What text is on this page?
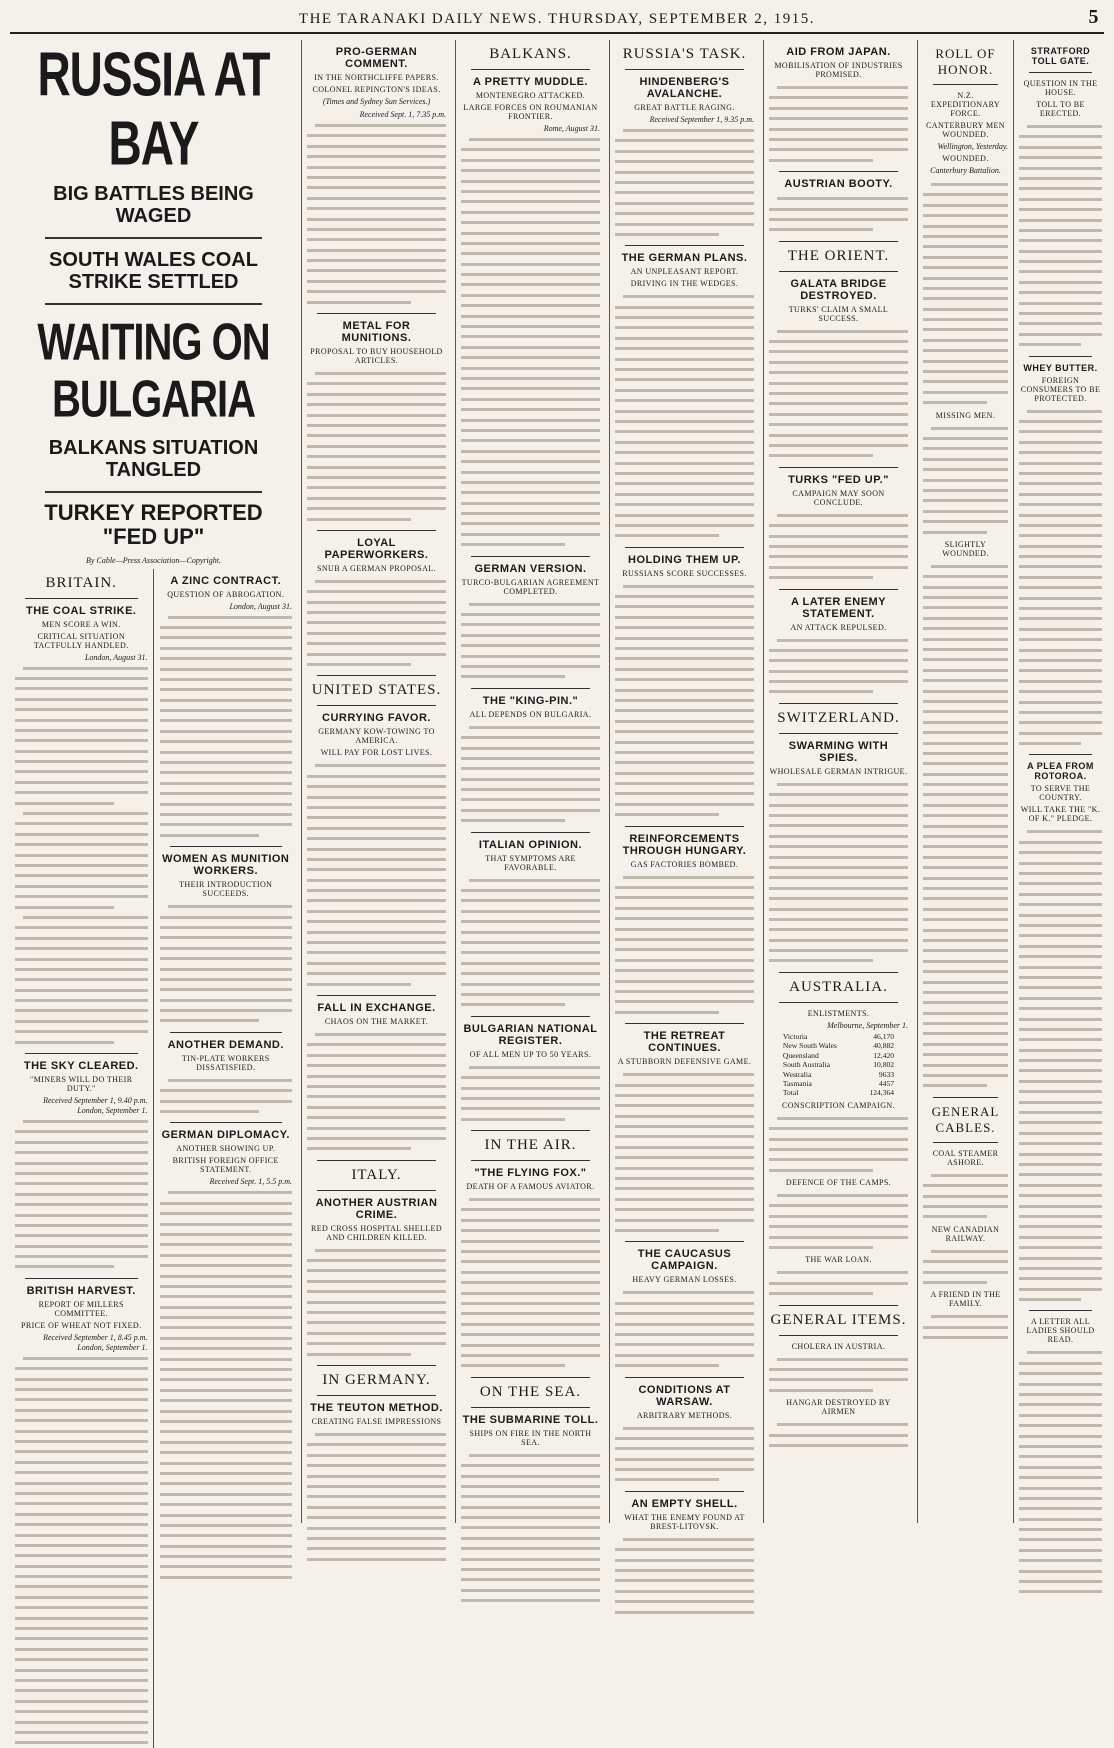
THE TARANAKI DAILY NEWS. THURSDAY, SEPTEMBER 2, 1915.	5
RUSSIA AT BAY
BIG BATTLES BEING WAGED
SOUTH WALES COAL STRIKE SETTLED
WAITING ON BULGARIA
BALKANS SITUATION TANGLED
TURKEY REPORTED "FED UP"
By Cable—Press Association—Copyright.
BRITAIN.
THE COAL STRIKE.
MEN SCORE A WIN.
CRITICAL SITUATION TACTFULLY HANDLED.
London, August 31.
THE SKY CLEARED.
"MINERS WILL DO THEIR DUTY."
Received September 1, 9.40 p.m.
London, September 1.
BRITISH HARVEST.
REPORT OF MILLERS COMMITTEE.
PRICE OF WHEAT NOT FIXED.
Received September 1, 8.45 p.m.
London, September 1.
A ZINC CONTRACT.
QUESTION OF ABROGATION.
London, August 31.
WOMEN AS MUNITION WORKERS.
THEIR INTRODUCTION SUCCEEDS.
ANOTHER DEMAND.
TIN-PLATE WORKERS DISSATISFIED.
GERMAN DIPLOMACY.
ANOTHER SHOWING UP.
BRITISH FOREIGN OFFICE STATEMENT.
Received Sept. 1, 5.5 p.m.
PRO-GERMAN COMMENT.
IN THE NORTHCLIFFE PAPERS.
COLONEL REPINGTON'S IDEAS.
(Times and Sydney Sun Services.)
Received Sept. 1, 7.35 p.m.
METAL FOR MUNITIONS.
PROPOSAL TO BUY HOUSEHOLD ARTICLES.
LOYAL PAPERWORKERS.
SNUB A GERMAN PROPOSAL.
UNITED STATES.
CURRYING FAVOR.
GERMANY KOW-TOWING TO AMERICA.
WILL PAY FOR LOST LIVES.
FALL IN EXCHANGE.
CHAOS ON THE MARKET.
ITALY.
ANOTHER AUSTRIAN CRIME.
RED CROSS HOSPITAL SHELLED AND CHILDREN KILLED.
IN GERMANY.
THE TEUTON METHOD.
CREATING FALSE IMPRESSIONS
BALKANS.
A PRETTY MUDDLE.
MONTENEGRO ATTACKED.
LARGE FORCES ON ROUMANIAN FRONTIER.
Rome, August 31.
GERMAN VERSION.
TURCO-BULGARIAN AGREEMENT COMPLETED.
THE "KING-PIN."
ALL DEPENDS ON BULGARIA.
ITALIAN OPINION.
THAT SYMPTOMS ARE FAVORABLE.
BULGARIAN NATIONAL REGISTER.
OF ALL MEN UP TO 50 YEARS.
IN THE AIR.
"THE FLYING FOX."
DEATH OF A FAMOUS AVIATOR.
ON THE SEA.
THE SUBMARINE TOLL.
SHIPS ON FIRE IN THE NORTH SEA.
RUSSIA'S TASK.
HINDENBERG'S AVALANCHE.
GREAT BATTLE RAGING.
Received September 1, 9.35 p.m.
THE GERMAN PLANS.
AN UNPLEASANT REPORT.
DRIVING IN THE WEDGES.
HOLDING THEM UP.
RUSSIANS SCORE SUCCESSES.
REINFORCEMENTS THROUGH HUNGARY.
GAS FACTORIES BOMBED.
THE RETREAT CONTINUES.
A STUBBORN DEFENSIVE GAME.
THE CAUCASUS CAMPAIGN.
HEAVY GERMAN LOSSES.
CONDITIONS AT WARSAW.
ARBITRARY METHODS.
AN EMPTY SHELL.
WHAT THE ENEMY FOUND AT BREST-LITOVSK.
AID FROM JAPAN.
MOBILISATION OF INDUSTRIES PROMISED.
AUSTRIAN BOOTY.
THE ORIENT.
GALATA BRIDGE DESTROYED.
TURKS' CLAIM A SMALL SUCCESS.
TURKS "FED UP."
CAMPAIGN MAY SOON CONCLUDE.
A LATER ENEMY STATEMENT.
AN ATTACK REPULSED.
SWITZERLAND.
SWARMING WITH SPIES.
WHOLESALE GERMAN INTRIGUE.
AUSTRALIA.
ENLISTMENTS.
Melbourne, September 1.
Victoria	46,170
New South Wales	40,882
Queensland	12,420
South Australia	10,802
Westralia	9633
Tasmania	4457
Total	124,364
CONSCRIPTION CAMPAIGN.
DEFENCE OF THE CAMPS.
THE WAR LOAN.
GENERAL ITEMS.
CHOLERA IN AUSTRIA.
HANGAR DESTROYED BY AIRMEN
ROLL OF HONOR.
N.Z. EXPEDITIONARY FORCE.
CANTERBURY MEN WOUNDED.
Wellington, Yesterday.
WOUNDED.
Canterbury Battalion.
MISSING MEN.
SLIGHTLY WOUNDED.
GENERAL CABLES.
COAL STEAMER ASHORE.
NEW CANADIAN RAILWAY.
A FRIEND IN THE FAMILY.
STRATFORD TOLL GATE.
QUESTION IN THE HOUSE.
TOLL TO BE ERECTED.
WHEY BUTTER.
FOREIGN CONSUMERS TO BE PROTECTED.
A PLEA FROM ROTOROA.
TO SERVE THE COUNTRY.
WILL TAKE THE "K. OF K." PLEDGE.
A LETTER ALL LADIES SHOULD READ.
